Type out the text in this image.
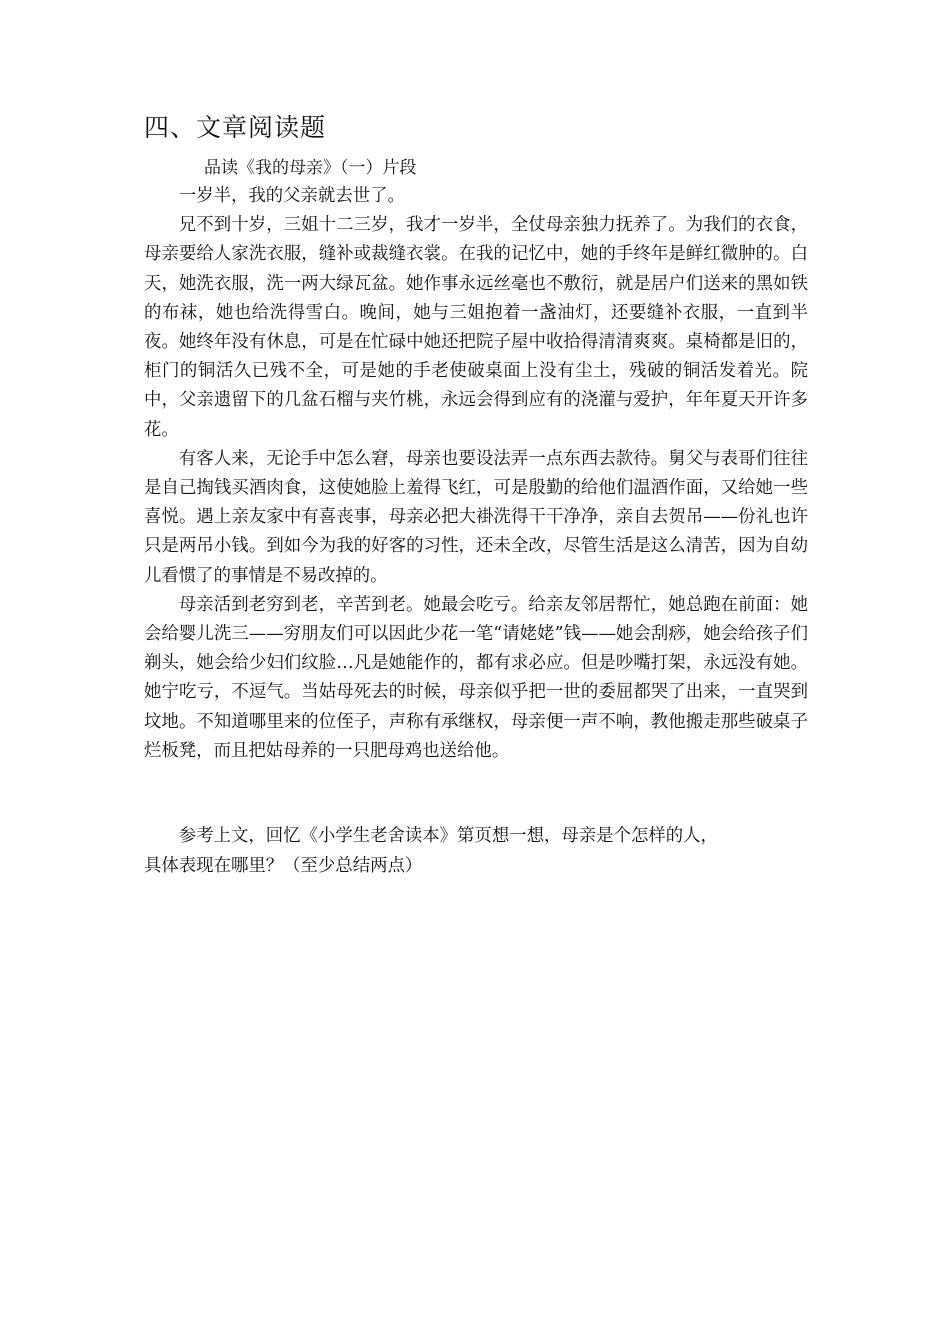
四、文章阅读题

品读《我的母亲》（一）片段

一岁半，我的父亲就去世了。

兄不到十岁，三姐十二三岁，我才一岁半，全仗母亲独力抚养了。为我们的衣食，母亲要给人家洗衣服，缝补或裁缝衣裳。在我的记忆中，她的手终年是鲜红微肿的。白天，她洗衣服，洗一两大绿瓦盆。她作事永远丝毫也不敷衍，就是居户们送来的黑如铁的布袜，她也给洗得雪白。晚间，她与三姐抱着一盏油灯，还要缝补衣服，一直到半夜。她终年没有休息，可是在忙碌中她还把院子屋中收拾得清清爽爽。桌椅都是旧的，柜门的铜活久已残不全，可是她的手老使破桌面上没有尘土，残破的铜活发着光。院中，父亲遗留下的几盆石榴与夹竹桃，永远会得到应有的浇灌与爱护，年年夏天开许多花。

有客人来，无论手中怎么窘，母亲也要设法弄一点东西去款待。舅父与表哥们往往是自己掏钱买酒肉食，这使她脸上羞得飞红，可是殷勤的给他们温酒作面，又给她一些喜悦。遇上亲友家中有喜丧事，母亲必把大褂洗得干干净净，亲自去贺吊——份礼也许只是两吊小钱。到如今为我的好客的习性，还未全改，尽管生活是这么清苦，因为自幼儿看惯了的事情是不易改掉的。

母亲活到老穷到老，辛苦到老。她最会吃亏。给亲友邻居帮忙，她总跑在前面：她会给婴儿洗三——穷朋友们可以因此少花一笔“请姥姥”钱——她会刮痧，她会给孩子们剃头，她会给少妇们纹脸…凡是她能作的，都有求必应。但是吵嘴打架，永远没有她。她宁吃亏，不逗气。当姑母死去的时候，母亲似乎把一世的委屈都哭了出来，一直哭到坟地。不知道哪里来的位侄子，声称有承继权，母亲便一声不响，教他搬走那些破桌子烂板凳，而且把姑母养的一只肥母鸡也送给他。

参考上文，回忆《小学生老舍读本》第页想一想，母亲是个怎样的人，

具体表现在哪里？（至少总结两点）
